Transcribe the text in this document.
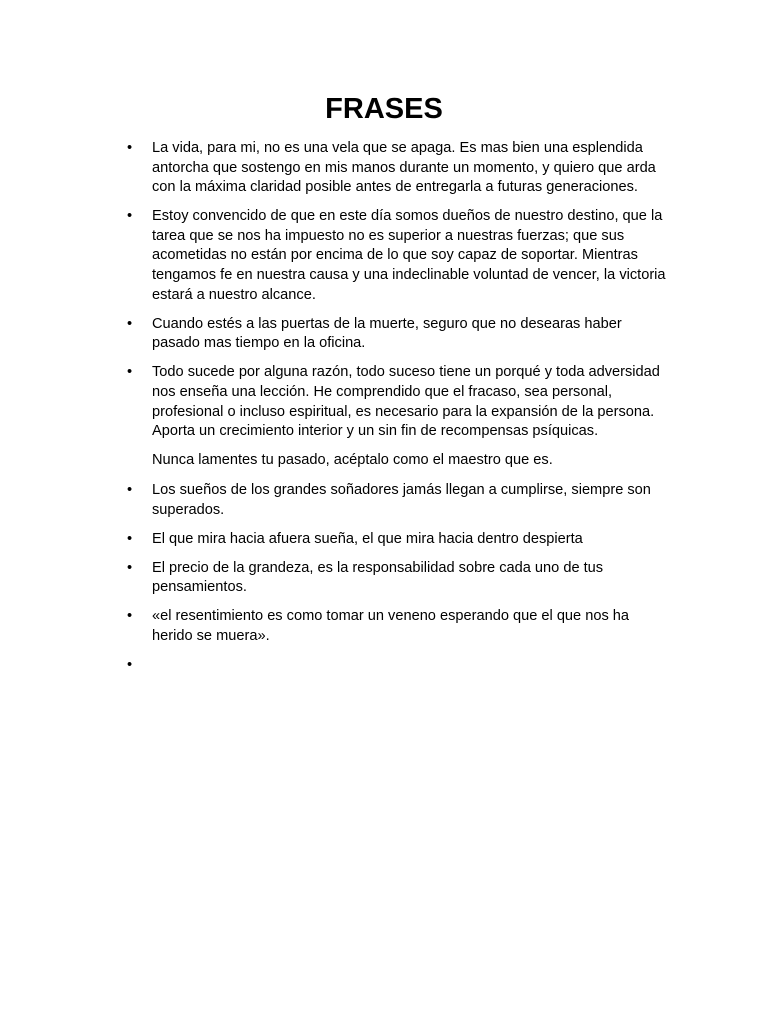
FRASES
•	La vida, para mi, no es una vela que se apaga. Es mas bien una esplendida antorcha que sostengo en mis manos durante un momento, y quiero que arda con la máxima claridad posible antes de entregarla a futuras generaciones.
•	Estoy convencido de que en este día somos dueños de nuestro destino, que la tarea que se nos ha impuesto no es superior a nuestras fuerzas; que sus acometidas no están por encima de lo que soy capaz de soportar. Mientras tengamos fe en nuestra causa y una indeclinable voluntad de vencer, la victoria estará a nuestro alcance.
•	Cuando estés a las puertas de la muerte, seguro que no desearas haber pasado mas tiempo en la oficina.
•	Todo sucede por alguna razón, todo suceso tiene un porqué y toda adversidad nos enseña una lección. He comprendido que el fracaso, sea personal, profesional o incluso espiritual, es necesario para la expansión de la persona. Aporta un crecimiento interior y un sin fin de recompensas psíquicas.
Nunca lamentes tu pasado, acéptalo como el maestro que es.
•	Los sueños de los grandes soñadores jamás llegan a cumplirse, siempre son superados.
•	El que mira hacia afuera sueña, el que mira hacia dentro despierta
•	El precio de la grandeza, es la responsabilidad sobre cada uno de tus pensamientos.
•	«el resentimiento es como tomar un veneno esperando que el que nos ha herido se muera».
•
